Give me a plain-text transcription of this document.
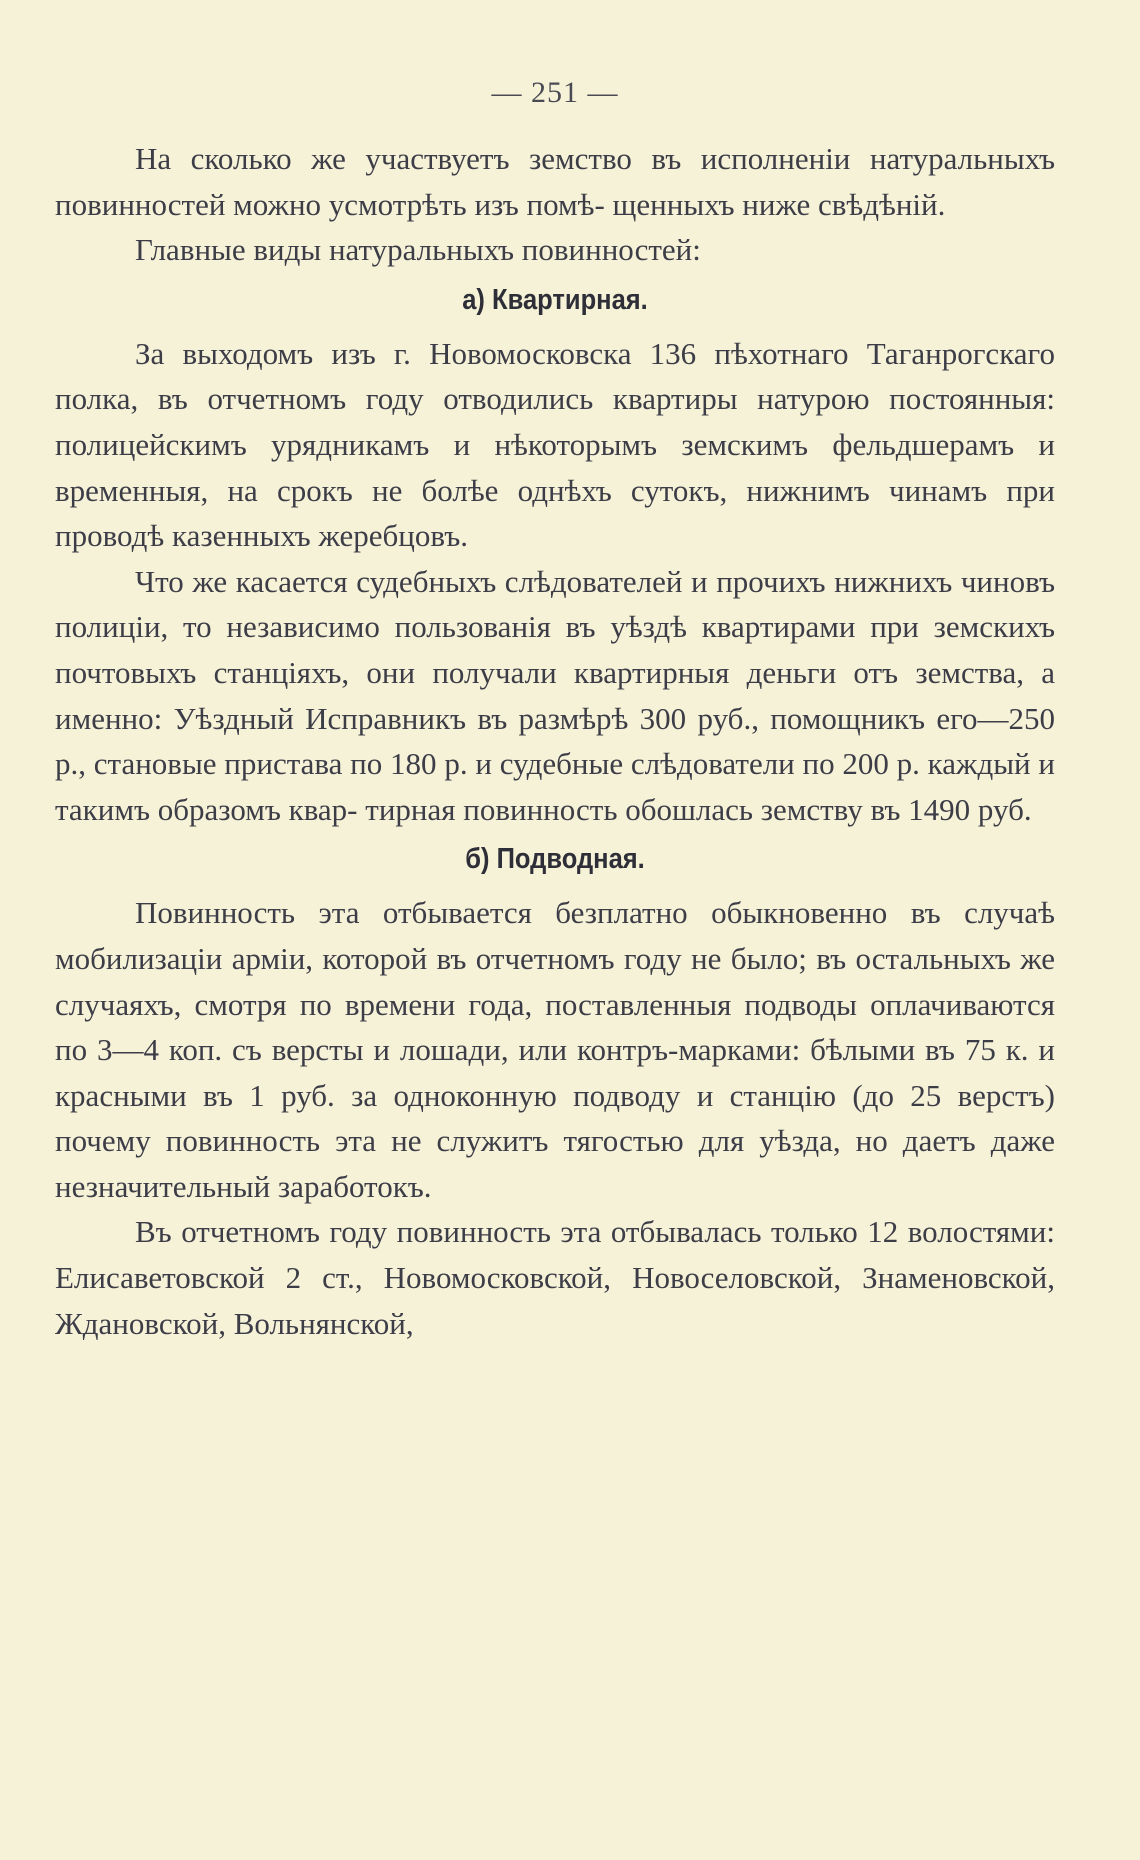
— 251 —

На сколько же участвуетъ земство въ исполненіи натуральныхъ повинностей можно усмотрѣть изъ помѣ- щенныхъ ниже свѣдѣній.

Главные виды натуральныхъ повинностей:

а) Квартирная.

За выходомъ изъ г. Новомосковска 136 пѣхотнаго Таганрогскаго полка, въ отчетномъ году отводились квартиры натурою постоянныя: полицейскимъ урядникамъ и нѣкоторымъ земскимъ фельдшерамъ и временныя, на срокъ не болѣе однѣхъ сутокъ, нижнимъ чинамъ при проводѣ казенныхъ жеребцовъ.

Что же касается судебныхъ слѣдователей и прочихъ нижнихъ чиновъ полиціи, то независимо пользованія въ уѣздѣ квартирами при земскихъ почтовыхъ станціяхъ, они получали квартирныя деньги отъ земства, а именно: Уѣздный Исправникъ въ размѣрѣ 300 руб., помощникъ его—250 р., становые пристава по 180 р. и судебные слѣдователи по 200 р. каждый и такимъ образомъ квар- тирная повинность обошлась земству въ 1490 руб.

б) Подводная.

Повинность эта отбывается безплатно обыкновенно въ случаѣ мобилизаціи арміи, которой въ отчетномъ году не было; въ остальныхъ же случаяхъ, смотря по времени года, поставленныя подводы оплачиваются по 3—4 коп. съ версты и лошади, или контръ-марками: бѣлыми въ 75 к. и красными въ 1 руб. за одноконную подводу и станцію (до 25 верстъ) почему повинность эта не служитъ тягостью для уѣзда, но даетъ даже незначительный заработокъ.

Въ отчетномъ году повинность эта отбывалась только 12 волостями: Елисаветовской 2 ст., Новомосковской, Новоселовской, Знаменовской, Ждановской, Вольнянской,
